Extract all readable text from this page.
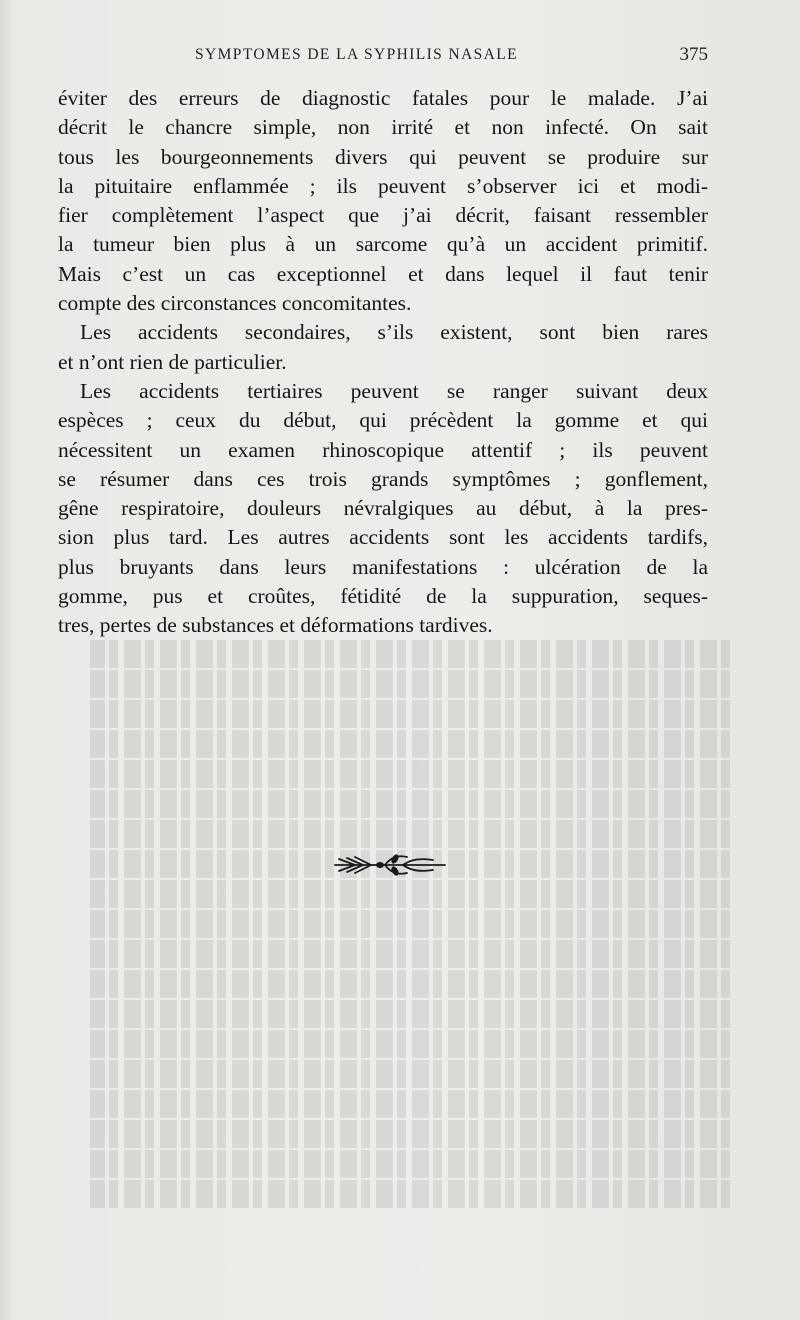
SYMPTOMES DE LA SYPHILIS NASALE	375
éviter des erreurs de diagnostic fatales pour le malade. J’ai
décrit le chancre simple, non irrité et non infecté. On sait
tous les bourgeonnements divers qui peuvent se produire sur
la pituitaire enflammée ; ils peuvent s’observer ici et modi-
fier complètement l’aspect que j’ai décrit, faisant ressembler
la tumeur bien plus à un sarcome qu’à un accident primitif.
Mais c’est un cas exceptionnel et dans lequel il faut tenir
compte des circonstances concomitantes.
Les accidents secondaires, s’ils existent, sont bien rares
et n’ont rien de particulier.
Les accidents tertiaires peuvent se ranger suivant deux
espèces ; ceux du début, qui précèdent la gomme et qui
nécessitent un examen rhinoscopique attentif ; ils peuvent
se résumer dans ces trois grands symptômes ; gonflement,
gêne respiratoire, douleurs névralgiques au début, à la pres-
sion plus tard. Les autres accidents sont les accidents tardifs,
plus bruyants dans leurs manifestations : ulcération de la
gomme, pus et croûtes, fétidité de la suppuration, seques-
tres, pertes de substances et déformations tardives.
